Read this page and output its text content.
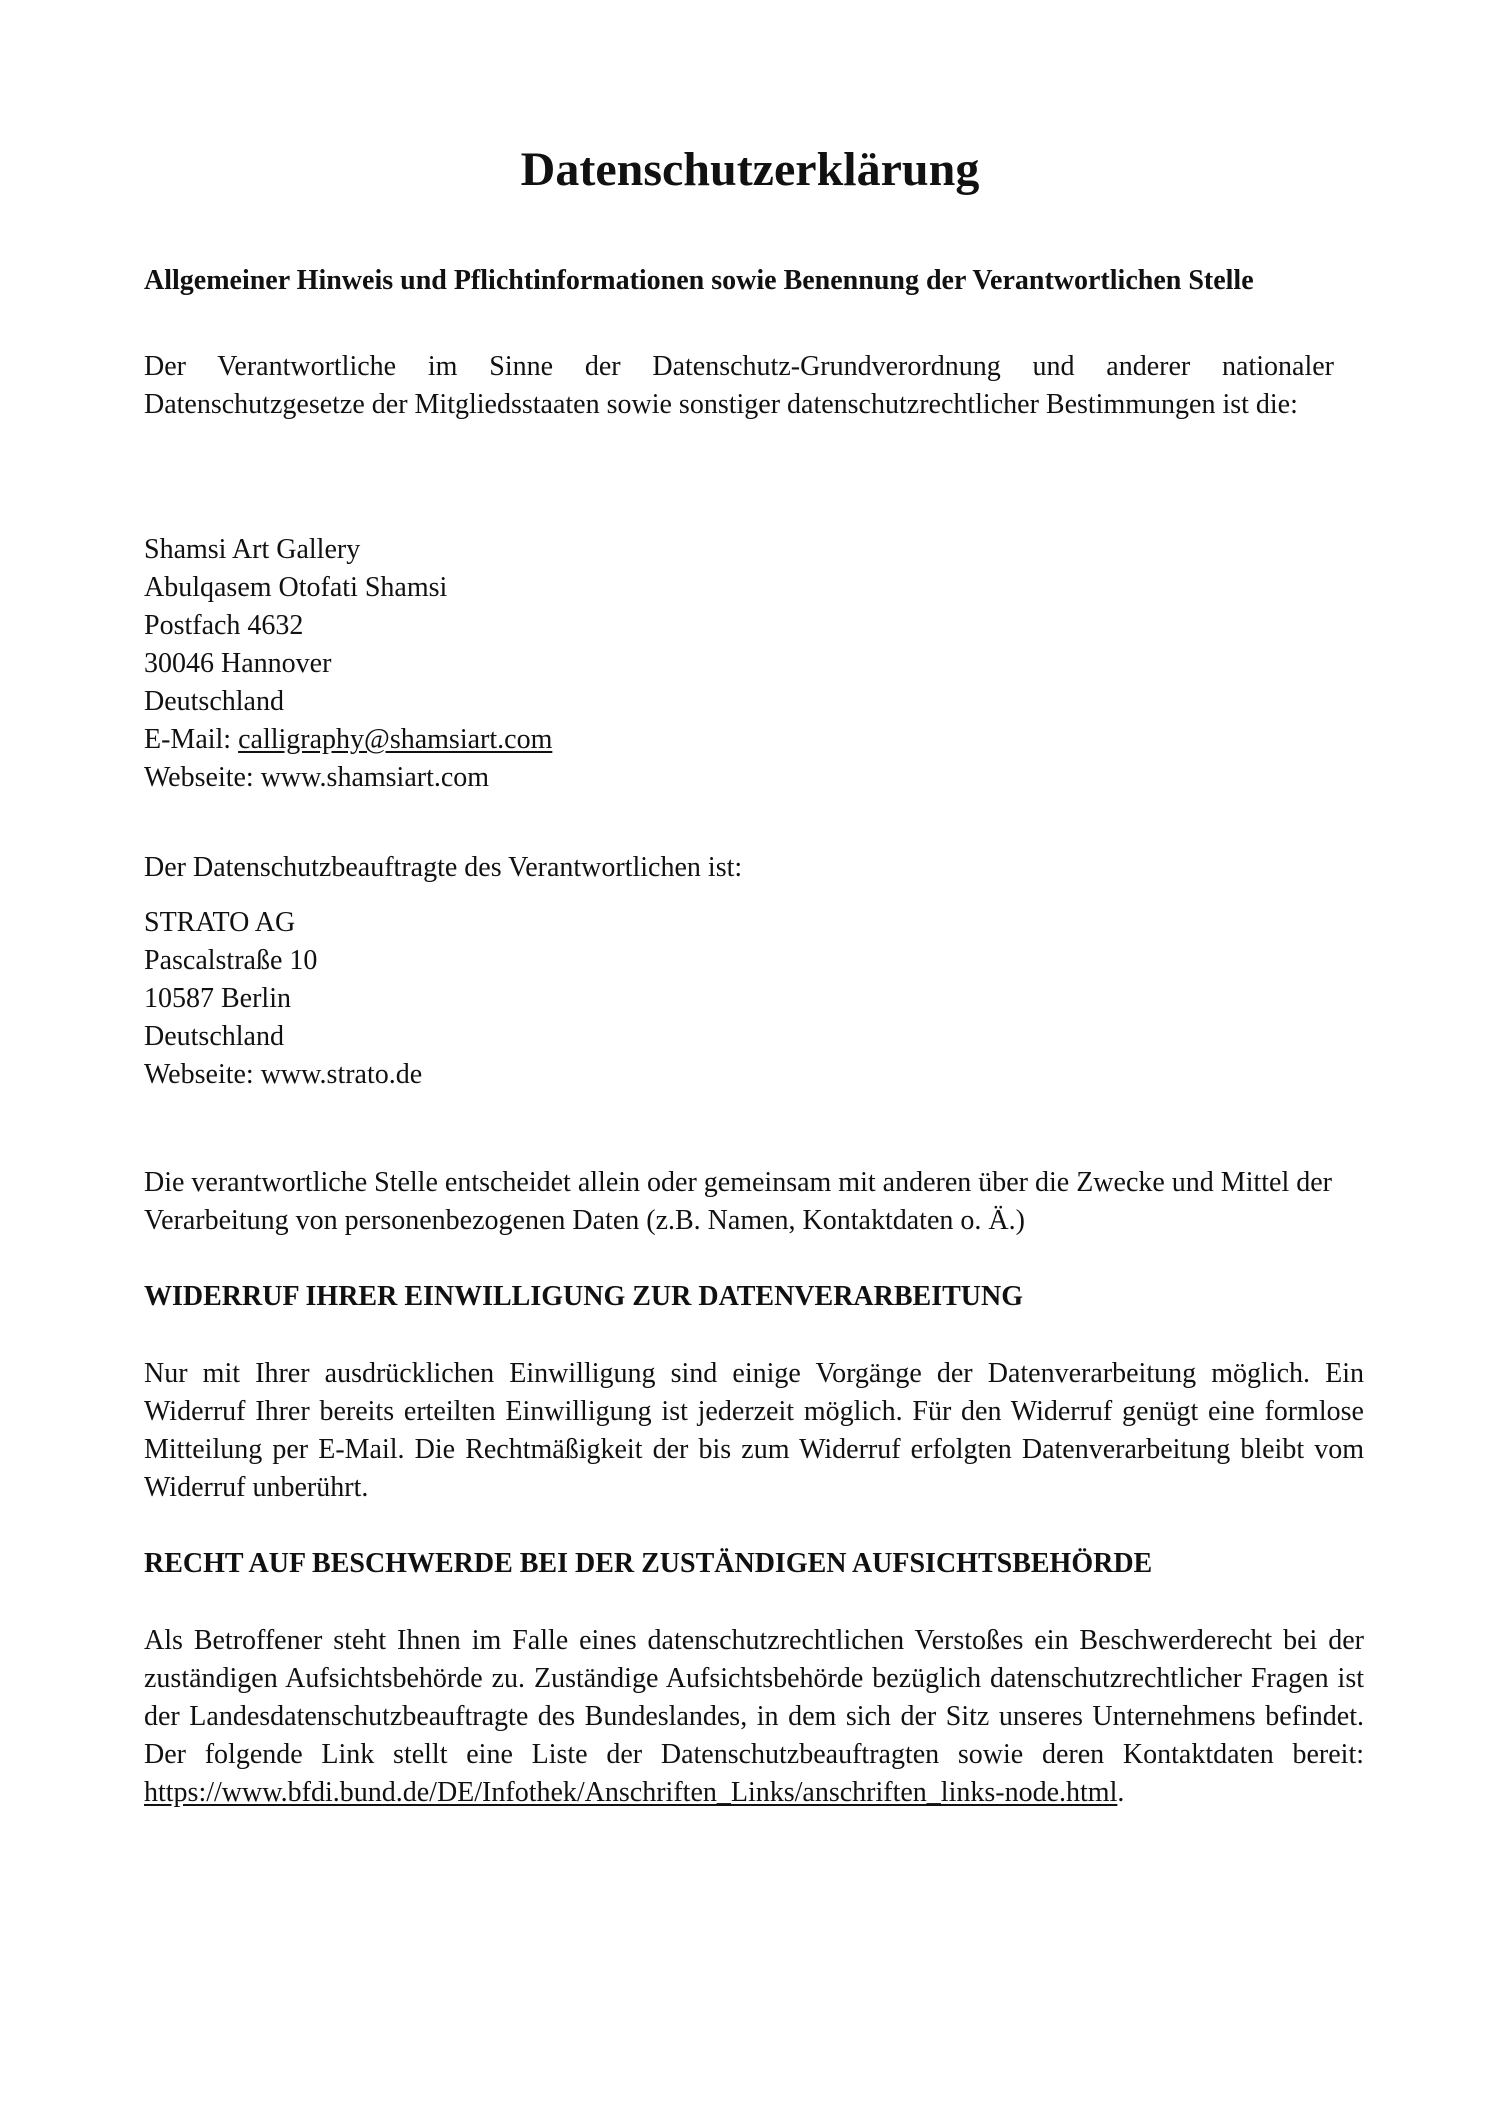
Datenschutzerklärung

Allgemeiner Hinweis und Pflichtinformationen sowie Benennung der Verantwortlichen Stelle

Der Verantwortliche im Sinne der Datenschutz-Grundverordnung und anderer nationaler Datenschutzgesetze der Mitgliedsstaaten sowie sonstiger datenschutzrechtlicher Bestimmungen ist die:

Shamsi Art Gallery
Abulqasem Otofati Shamsi
Postfach 4632
30046 Hannover
Deutschland
E-Mail: calligraphy@shamsiart.com
Webseite: www.shamsiart.com

Der Datenschutzbeauftragte des Verantwortlichen ist:

STRATO AG
Pascalstraße 10
10587 Berlin
Deutschland
Webseite: www.strato.de

Die verantwortliche Stelle entscheidet allein oder gemeinsam mit anderen über die Zwecke und Mittel der Verarbeitung von personenbezogenen Daten (z.B. Namen, Kontaktdaten o. Ä.)

WIDERRUF IHRER EINWILLIGUNG ZUR DATENVERARBEITUNG

Nur mit Ihrer ausdrücklichen Einwilligung sind einige Vorgänge der Datenverarbeitung möglich. Ein Widerruf Ihrer bereits erteilten Einwilligung ist jederzeit möglich. Für den Widerruf genügt eine formlose Mitteilung per E-Mail. Die Rechtmäßigkeit der bis zum Widerruf erfolgten Datenverarbeitung bleibt vom Widerruf unberührt.

RECHT AUF BESCHWERDE BEI DER ZUSTÄNDIGEN AUFSICHTSBEHÖRDE

Als Betroffener steht Ihnen im Falle eines datenschutzrechtlichen Verstoßes ein Beschwerderecht bei der zuständigen Aufsichtsbehörde zu. Zuständige Aufsichtsbehörde bezüglich datenschutzrechtlicher Fragen ist der Landesdatenschutzbeauftragte des Bundeslandes, in dem sich der Sitz unseres Unternehmens befindet. Der folgende Link stellt eine Liste der Datenschutzbeauftragten sowie deren Kontaktdaten bereit: https://www.bfdi.bund.de/DE/Infothek/Anschriften_Links/anschriften_links-node.html.
